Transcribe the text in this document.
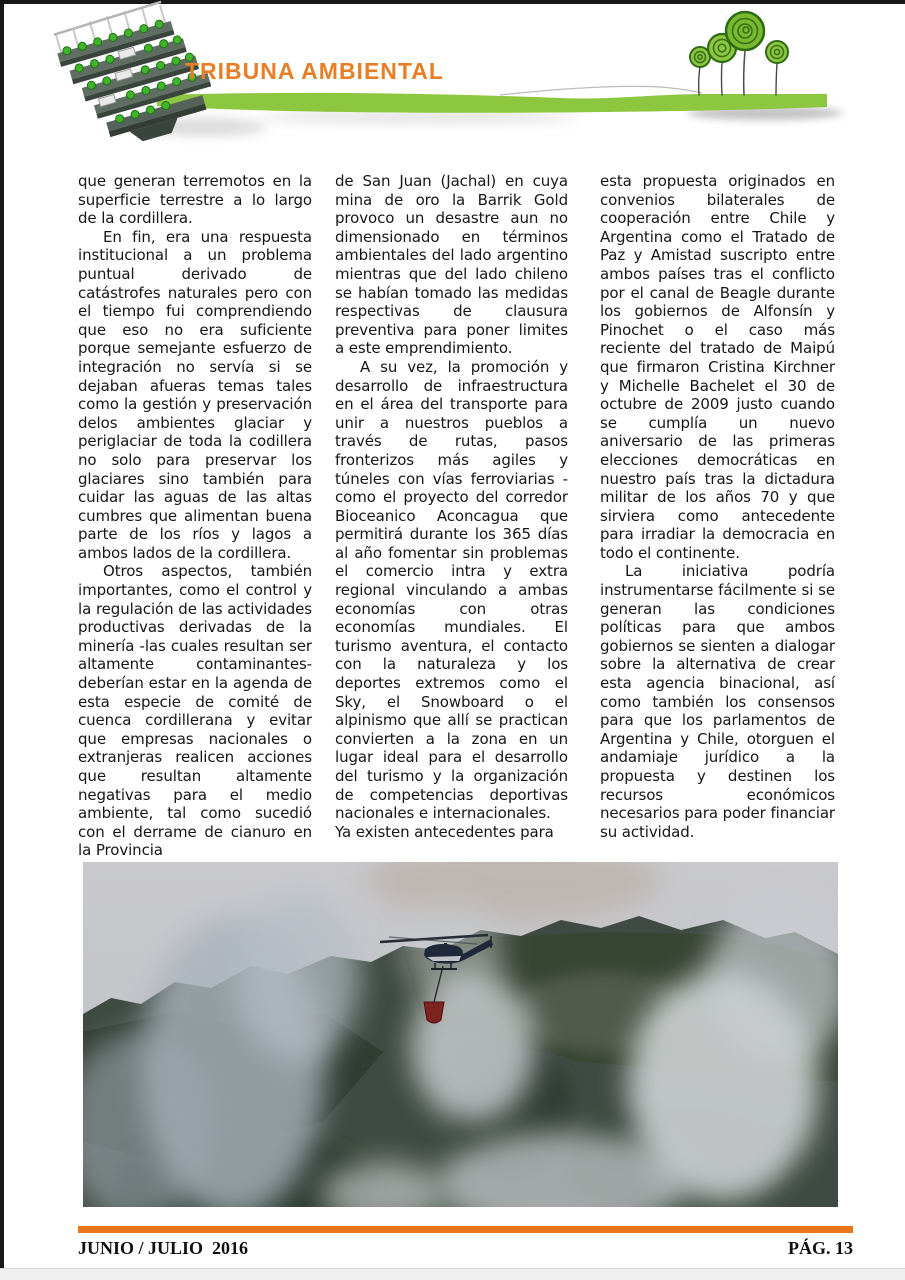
TRIBUNA AMBIENTAL

que generan terremotos en la superficie terrestre a lo largo de la cordillera.

En fin, era una respuesta institucional a un problema puntual derivado de catástrofes naturales pero con el tiempo fui comprendiendo que eso no era suficiente porque semejante esfuerzo de integración no servía si se dejaban afueras temas tales como la gestión y preservación delos ambientes glaciar y periglaciar de toda la codillera no solo para preservar los glaciares sino también para cuidar las aguas de las altas cumbres que alimentan buena parte de los ríos y lagos a ambos lados de la cordillera.

Otros aspectos, también importantes, como el control y la regulación de las actividades productivas derivadas de la minería -las cuales resultan ser altamente contaminantes- deberían estar en la agenda de esta especie de comité de cuenca cordillerana y evitar que empresas nacionales o extranjeras realicen acciones que resultan altamente negativas para el medio ambiente, tal como sucedió con el derrame de cianuro en la Provincia

de San Juan (Jachal) en cuya mina de oro la Barrik Gold provoco un desastre aun no dimensionado en términos ambientales del lado argentino mientras que del lado chileno se habían tomado las medidas respectivas de clausura preventiva para poner limites a este emprendimiento.

A su vez, la promoción y desarrollo de infraestructura en el área del transporte para unir a nuestros pueblos a través de rutas, pasos fronterizos más agiles y túneles con vías ferroviarias -como el proyecto del corredor Bioceanico Aconcagua que permitirá durante los 365 días al año fomentar sin problemas el comercio intra y extra regional vinculando a ambas economías con otras economías mundiales. El turismo aventura, el contacto con la naturaleza y los deportes extremos como el Sky, el Snowboard o el alpinismo que allí se practican convierten a la zona en un lugar ideal para el desarrollo del turismo y la organización de competencias deportivas nacionales e internacionales.

Ya existen antecedentes para

esta propuesta originados en convenios bilaterales de cooperación entre Chile y Argentina como el Tratado de Paz y Amistad suscripto entre ambos países tras el conflicto por el canal de Beagle durante los gobiernos de Alfonsín y Pinochet o el caso más reciente del tratado de Maipú que firmaron Cristina Kirchner y Michelle Bachelet el 30 de octubre de 2009 justo cuando se cumplía un nuevo aniversario de las primeras elecciones democráticas en nuestro país tras la dictadura militar de los años 70 y que sirviera como antecedente para irradiar la democracia en todo el continente.

La iniciativa podría instrumentarse fácilmente si se generan las condiciones políticas para que ambos gobiernos se sienten a dialogar sobre la alternativa de crear esta agencia binacional, así como también los consensos para que los parlamentos de Argentina y Chile, otorguen el andamiaje jurídico a la propuesta y destinen los recursos económicos necesarios para poder financiar su actividad.

JUNIO / JULIO  2016	PÁG. 13
